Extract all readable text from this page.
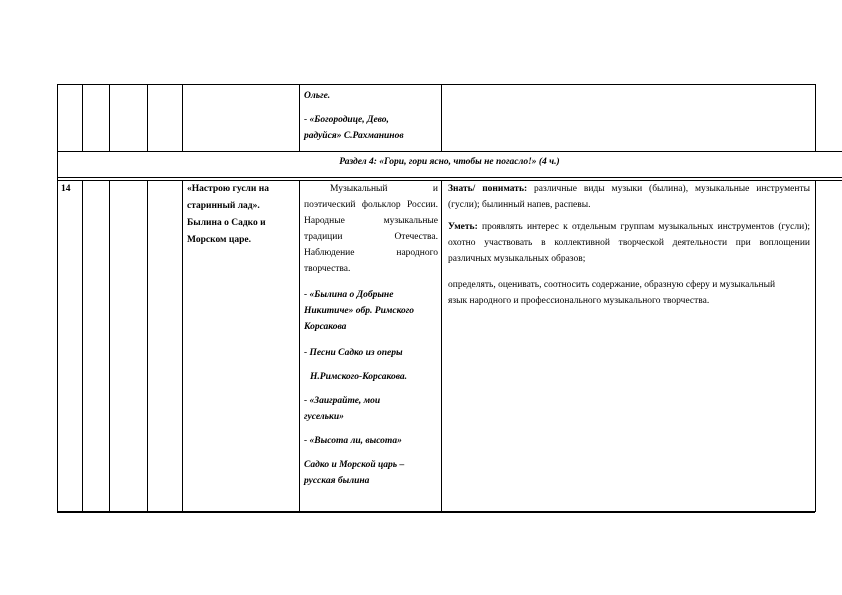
Ольге.

- «Богородице, Дево,

радуйся» С.Рахманинов

Раздел 4: «Гори, гори ясно, чтобы не погасло!» (4 ч.)
14	«Настрою гусли на старинный лад». Былина о Садко и Морском царе.

Музыкальный и поэтический фольклор России. Народные музыкальные традиции Отечества. Наблюдение народного творчества.

- «Былина о Добрыне Никитиче» обр. Римского Корсакова

- Песни Садко из оперы

Н.Римского-Корсакова.

- «Заиграйте, мои гусельки»

- «Высота ли, высота»

Садко и Морской царь – русская былина

Знать/ понимать: различные виды музыки (былина), музыкальные инструменты (гусли); былинный напев, распевы.

Уметь: проявлять интерес к отдельным группам музыкальных инструментов (гусли); охотно участвовать в коллективной творческой деятельности при воплощении различных музыкальных образов;

определять, оценивать, соотносить содержание, образную сферу и музыкальный язык народного и профессионального музыкального творчества.
